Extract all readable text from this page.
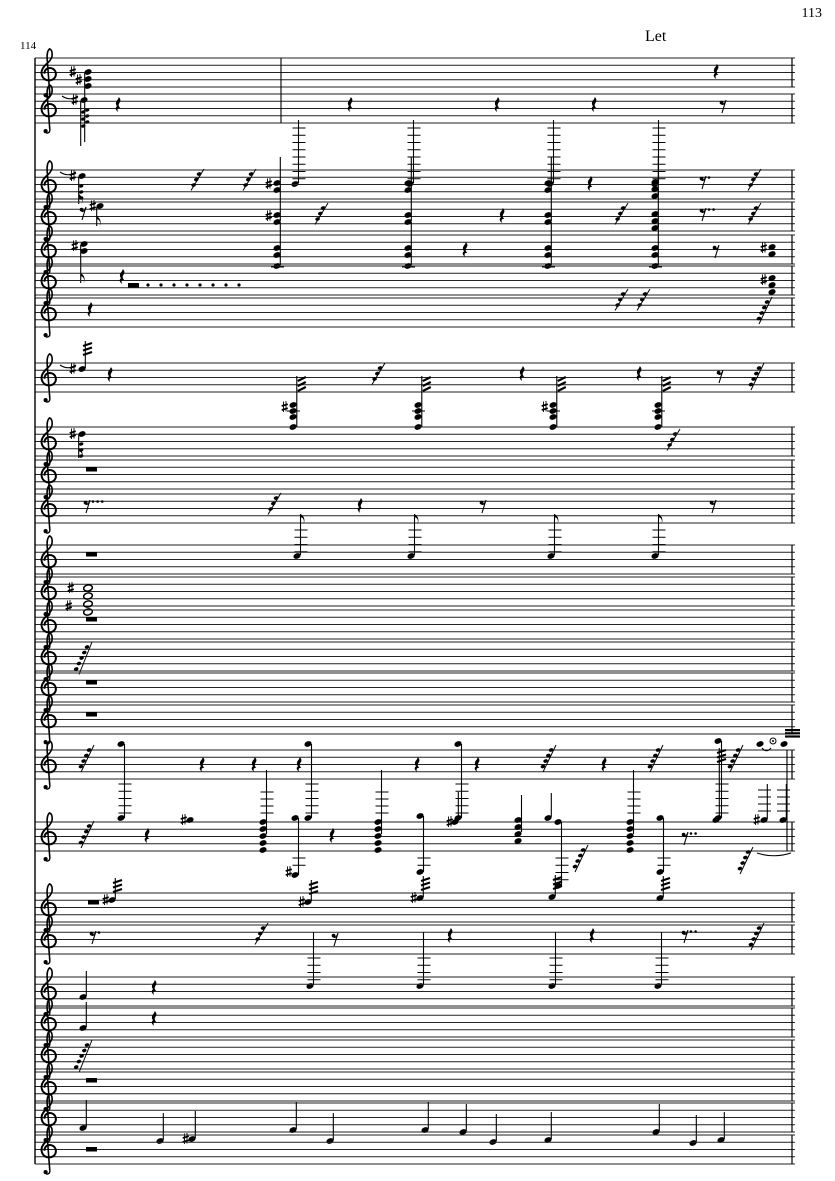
113
114
Let
